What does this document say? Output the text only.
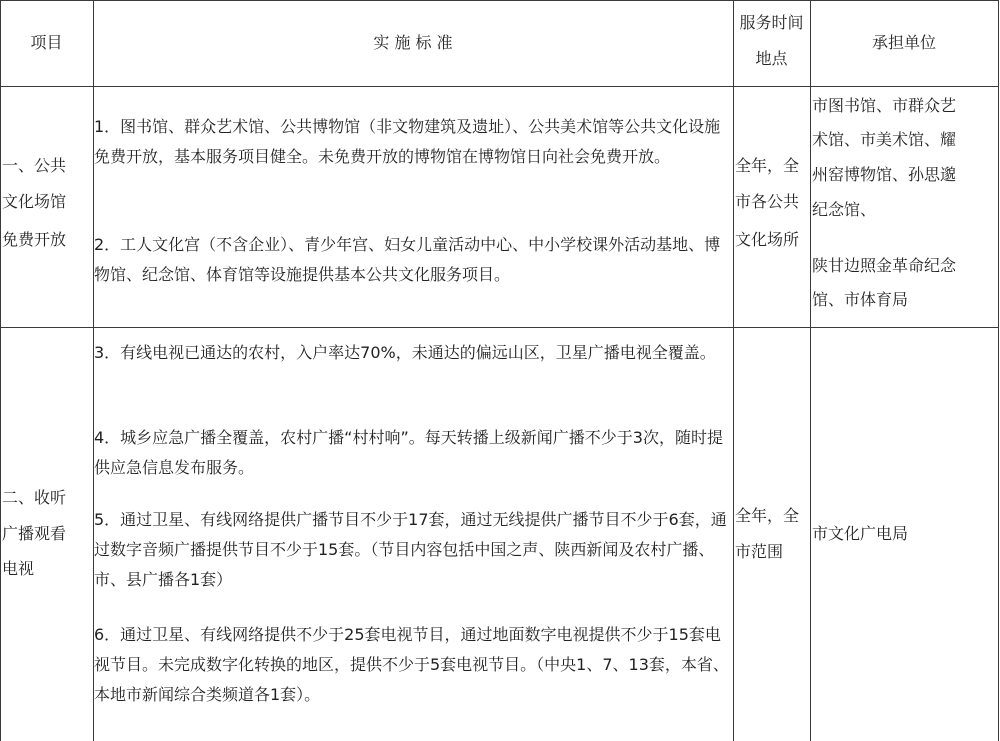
项目	实 施 标 准
服务时间
地点
承担单位
一、公共
文化场馆
免费开放
1．图书馆、群众艺术馆、公共博物馆（非文物建筑及遗址）、公共美术馆等公共文化设施免费开放，基本服务项目健全。未免费开放的博物馆在博物馆日向社会免费开放。
2．工人文化宫（不含企业）、青少年宫、妇女儿童活动中心、中小学校课外活动基地、博物馆、纪念馆、体育馆等设施提供基本公共文化服务项目。
全年，全
市各公共
文化场所
市图书馆、市群众艺
术馆、市美术馆、耀
州窑博物馆、孙思邈
纪念馆、
陕甘边照金革命纪念
馆、市体育局
二、收听
广播观看
电视
3．有线电视已通达的农村，入户率达70%，未通达的偏远山区，卫星广播电视全覆盖。
4．城乡应急广播全覆盖，农村广播“村村响”。每天转播上级新闻广播不少于3次，随时提供应急信息发布服务。
5．通过卫星、有线网络提供广播节目不少于17套，通过无线提供广播节目不少于6套，通过数字音频广播提供节目不少于15套。（节目内容包括中国之声、陕西新闻及农村广播、市、县广播各1套）
6．通过卫星、有线网络提供不少于25套电视节目，通过地面数字电视提供不少于15套电视节目。未完成数字化转换的地区，提供不少于5套电视节目。（中央1、7、13套，本省、本地市新闻综合类频道各1套）。
全年，全
市范围
市文化广电局
